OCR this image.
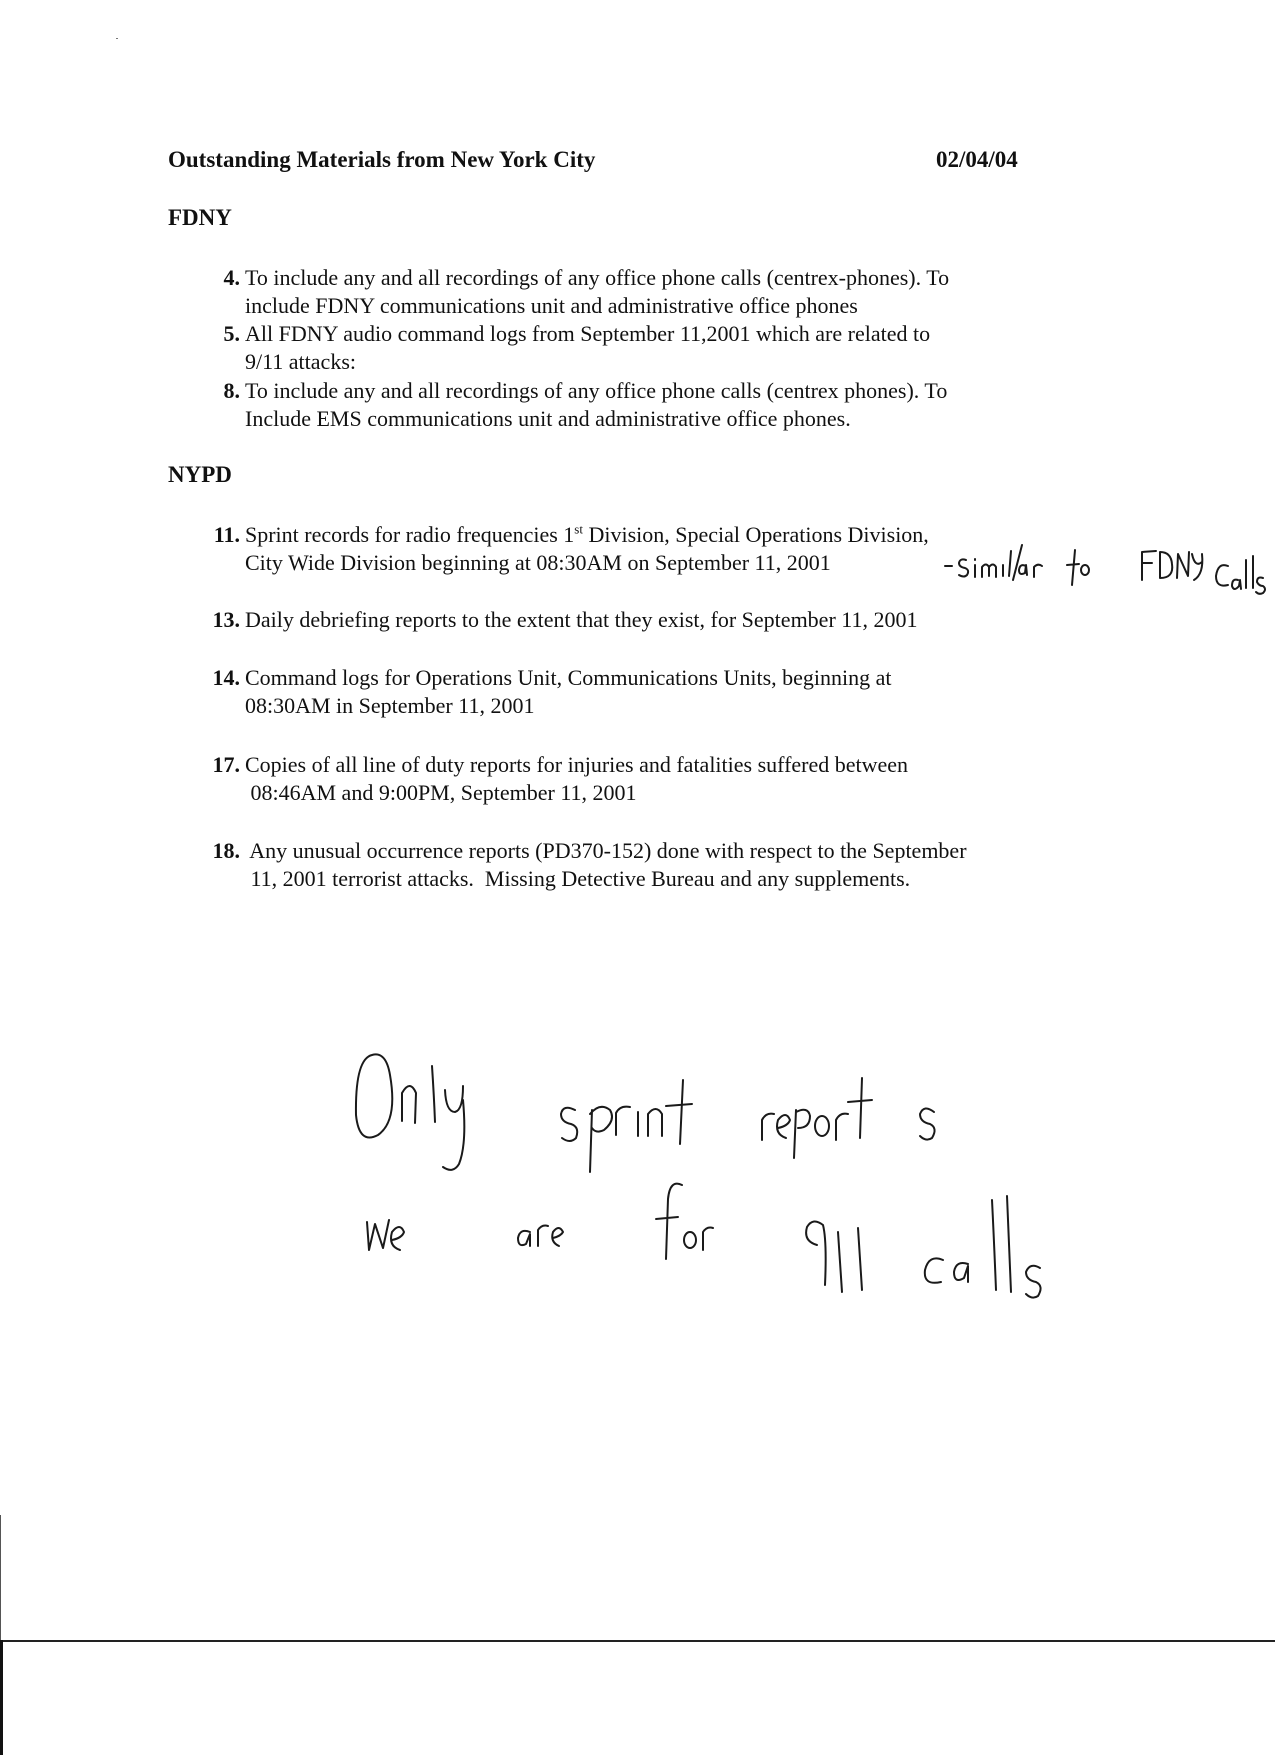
Outstanding Materials from New York City	02/04/04
FDNY
4. To include any and all recordings of any office phone calls (centrex-phones). To
include FDNY communications unit and administrative office phones
5. All FDNY audio command logs from September 11,2001 which are related to
9/11 attacks:
8. To include any and all recordings of any office phone calls (centrex phones). To
Include EMS communications unit and administrative office phones.
NYPD
11. Sprint records for radio frequencies 1st Division, Special Operations Division,
City Wide Division beginning at 08:30AM on September 11, 2001
13. Daily debriefing reports to the extent that they exist, for September 11, 2001
14. Command logs for Operations Unit, Communications Units, beginning at
08:30AM in September 11, 2001
17. Copies of all line of duty reports for injuries and fatalities suffered between
08:46AM and 9:00PM, September 11, 2001
18. Any unusual occurrence reports (PD370-152) done with respect to the September
11, 2001 terrorist attacks.  Missing Detective Bureau and any supplements.
